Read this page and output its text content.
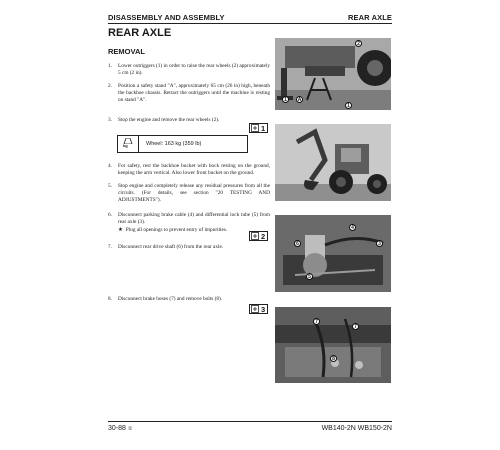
DISASSEMBLY AND ASSEMBLY	REAR AXLE
REAR AXLE
REMOVAL
1. Lower outriggers (1) in order to raise the rear wheels (2) approximately 5 cm (2 in).
2. Position a safety stand "A", approximately 65 cm (26 in) high, beneath the backhoe chassis. Retract the outriggers until the machine is resting on stand "A".
3. Stop the engine and remove the rear wheels (2).
kg	Wheel: 163 kg (359 lb)
4. For safety, rest the backhoe bucket with bock resting on the ground, keeping the arm vertical. Also lower front bucket on the ground.
5. Stop engine and completely release any residual pressures from all the circuits. (For details, see section "20 TESTING AND ADJUSTMENTS").
6. Disconnect parking brake cable (4) and differential lock tube (5) from rear axle (3).
★ Plug all openings to prevent entry of impurities.
7. Disconnect rear drive shaft (6) from the rear axle.
8. Disconnect brake hoses (7) and remove bolts (8).
1
2
3
2
1	A
1
4
6	3
5
7
7
8
30-88 ①	WB140-2N WB150-2N
